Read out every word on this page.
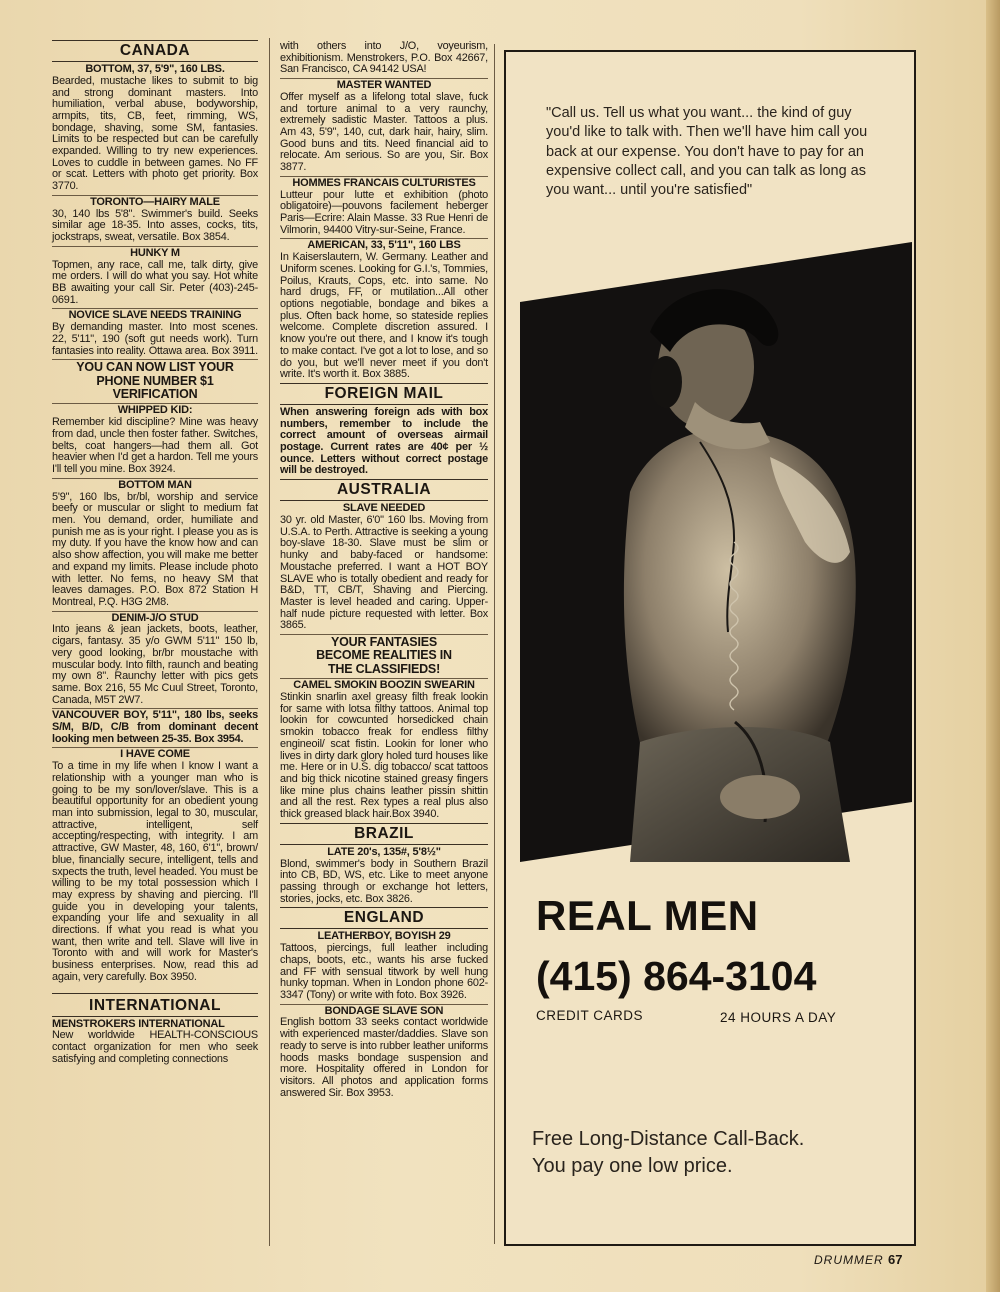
CANADA
BOTTOM, 37, 5'9", 160 LBS.

Bearded, mustache likes to submit to big and strong dominant masters. Into humiliation, verbal abuse, bodyworship, armpits, tits, CB, feet, rimming, WS, bondage, shaving, some SM, fantasies. Limits to be respected but can be carefully expanded. Willing to try new experiences. Loves to cuddle in between games. No FF or scat. Letters with photo get priority. Box 3770.

TORONTO—HAIRY MALE

30, 140 lbs 5'8". Swimmer's build. Seeks similar age 18-35. Into asses, cocks, tits, jockstraps, sweat, versatile. Box 3854.

HUNKY M

Topmen, any race, call me, talk dirty, give me orders. I will do what you say. Hot white BB awaiting your call Sir. Peter (403)-245-0691.

NOVICE SLAVE NEEDS TRAINING

By demanding master. Into most scenes. 22, 5'11", 190 (soft gut needs work). Turn fantasies into reality. Ottawa area. Box 3911.

YOU CAN NOW LIST YOUR PHONE NUMBER $1 VERIFICATION
WHIPPED KID:

Remember kid discipline? Mine was heavy from dad, uncle then foster father. Switches, belts, coat hangers—had them all. Got heavier when I'd get a hardon. Tell me yours I'll tell you mine. Box 3924.

BOTTOM MAN

5'9", 160 lbs, br/bl, worship and service beefy or muscular or slight to medium fat men. You demand, order, humiliate and punish me as is your right. I please you as is my duty. If you have the know how and can also show affection, you will make me better and expand my limits. Please include photo with letter. No fems, no heavy SM that leaves damages. P.O. Box 872 Station H Montreal, P.Q. H3G 2M8.

DENIM-J/O STUD

Into jeans & jean jackets, boots, leather, cigars, fantasy. 35 y/o GWM 5'11" 150 lb, very good looking, br/br moustache with muscular body. Into filth, raunch and beating my own 8". Raunchy letter with pics gets same. Box 216, 55 Mc Cuul Street, Toronto, Canada, M5T 2W7.

VANCOUVER BOY, 5'11", 180 lbs, seeks S/M, B/D, C/B from dominant decent looking men between 25-35. Box 3954.

I HAVE COME

To a time in my life when I know I want a relationship with a younger man who is going to be my son/lover/slave. This is a beautiful opportunity for an obedient young man into submission, legal to 30, muscular, attractive, intelligent, self accepting/respecting, with integrity. I am attractive, GW Master, 48, 160, 6'1", brown/ blue, financially secure, intelligent, tells and sxpects the truth, level headed. You must be willing to be my total possession which I may express by shaving and piercing. I'll guide you in developing your talents, expanding your life and sexuality in all directions. If what you read is what you want, then write and tell. Slave will live in Toronto with and will work for Master's business enterprises. Now, read this ad again, very carefully. Box 3950.

INTERNATIONAL
MENSTROKERS INTERNATIONAL

New worldwide HEALTH-CONSCIOUS contact organization for men who seek satisfying and completing connections

with others into J/O, voyeurism, exhibitionism. Menstrokers, P.O. Box 42667, San Francisco, CA 94142 USA!

MASTER WANTED

Offer myself as a lifelong total slave, fuck and torture animal to a very raunchy, extremely sadistic Master. Tattoos a plus. Am 43, 5'9", 140, cut, dark hair, hairy, slim. Good buns and tits. Need financial aid to relocate. Am serious. So are you, Sir. Box 3877.

HOMMES FRANCAIS CULTURISTES

Lutteur pour lutte et exhibition (photo obligatoire)—pouvons facilement heberger Paris—Ecrire: Alain Masse. 33 Rue Henri de Vilmorin, 94400 Vitry-sur-Seine, France.

AMERICAN, 33, 5'11", 160 LBS

In Kaiserslautern, W. Germany. Leather and Uniform scenes. Looking for G.I.'s, Tommies, Poilus, Krauts, Cops, etc. into same. No hard drugs, FF, or mutilation...All other options negotiable, bondage and bikes a plus. Often back home, so stateside replies welcome. Complete discretion assured. I know you're out there, and I know it's tough to make contact. I've got a lot to lose, and so do you, but we'll never meet if you don't write. It's worth it. Box 3885.

FOREIGN MAIL

When answering foreign ads with box numbers, remember to include the correct amount of overseas airmail postage. Current rates are 40¢ per ½ ounce. Letters without correct postage will be destroyed.

AUSTRALIA
SLAVE NEEDED

30 yr. old Master, 6'0" 160 lbs. Moving from U.S.A. to Perth. Attractive is seeking a young boy-slave 18-30. Slave must be slim or hunky and baby-faced or handsome: Moustache preferred. I want a HOT BOY SLAVE who is totally obedient and ready for B&D, TT, CB/T, Shaving and Piercing. Master is level headed and caring. Upper-half nude picture requested with letter. Box 3865.

YOUR FANTASIES BECOME REALITIES IN THE CLASSIFIEDS!
CAMEL SMOKIN BOOZIN SWEARIN

Stinkin snarlin axel greasy filth freak lookin for same with lotsa filthy tattoos. Animal top lookin for cowcunted horsedicked chain smokin tobacco freak for endless filthy engineoil/ scat fistin. Lookin for loner who lives in dirty dark glory holed turd houses like me. Here or in U.S. dig tobacco/ scat tattoos and big thick nicotine stained greasy fingers like mine plus chains leather pissin shittin and all the rest. Rex types a real plus also thick greased black hair.Box 3940.

BRAZIL
LATE 20's, 135#, 5'8½"

Blond, swimmer's body in Southern Brazil into CB, BD, WS, etc. Like to meet anyone passing through or exchange hot letters, stories, jocks, etc. Box 3826.

ENGLAND
LEATHERBOY, BOYISH 29

Tattoos, piercings, full leather including chaps, boots, etc., wants his arse fucked and FF with sensual titwork by well hung hunky topman. When in London phone 602-3347 (Tony) or write with foto. Box 3926.

BONDAGE SLAVE SON

English bottom 33 seeks contact worldwide with experienced master/daddies. Slave son ready to serve is into rubber leather uniforms hoods masks bondage suspension and more. Hospitality offered in London for visitors. All photos and application forms answered Sir. Box 3953.

"Call us. Tell us what you want... the kind of guy you'd like to talk with. Then we'll have him call you back at our expense. You don't have to pay for an expensive collect call, and you can talk as long as you want... until you're satisfied"
REAL MEN
(415) 864-3104
CREDIT CARDS	24 HOURS A DAY
Free Long-Distance Call-Back.
You pay one low price.
DRUMMER 67
